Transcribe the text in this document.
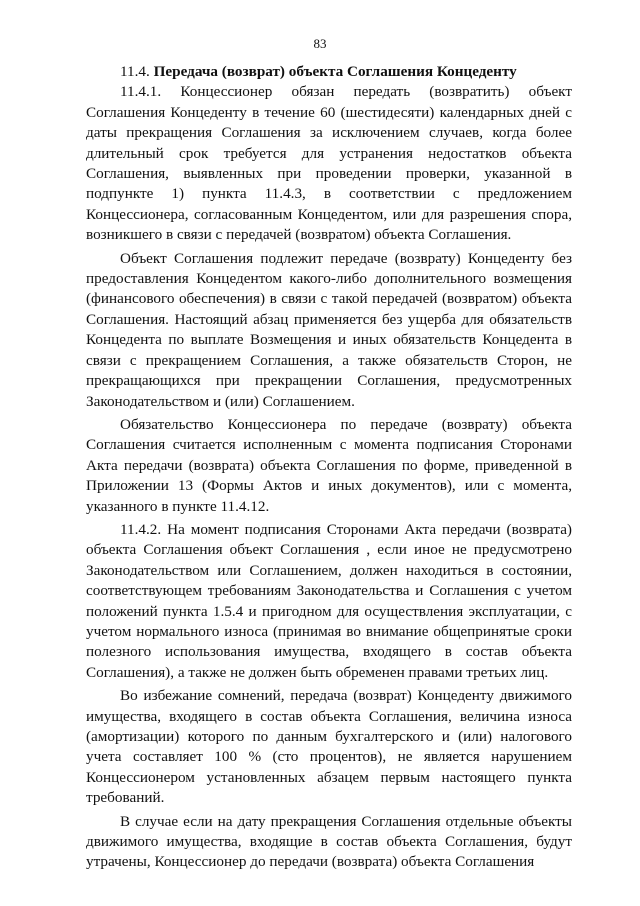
83

11.4. Передача (возврат) объекта Соглашения Концеденту

11.4.1. Концессионер обязан передать (возвратить) объект Соглашения Концеденту в течение 60 (шестидесяти) календарных дней с даты прекращения Соглашения за исключением случаев, когда более длительный срок требуется для устранения недостатков объекта Соглашения, выявленных при проведении проверки, указанной в подпункте 1) пункта 11.4.3, в соответствии с предложением Концессионера, согласованным Концедентом, или для разрешения спора, возникшего в связи с передачей (возвратом) объекта Соглашения.

Объект Соглашения подлежит передаче (возврату) Концеденту без предоставления Концедентом какого-либо дополнительного возмещения (финансового обеспечения) в связи с такой передачей (возвратом) объекта Соглашения. Настоящий абзац применяется без ущерба для обязательств Концедента по выплате Возмещения и иных обязательств Концедента в связи с прекращением Соглашения, а также обязательств Сторон, не прекращающихся при прекращении Соглашения, предусмотренных Законодательством и (или) Соглашением.

Обязательство Концессионера по передаче (возврату) объекта Соглашения считается исполненным с момента подписания Сторонами Акта передачи (возврата) объекта Соглашения по форме, приведенной в Приложении 13 (Формы Актов и иных документов), или с момента, указанного в пункте 11.4.12.

11.4.2. На момент подписания Сторонами Акта передачи (возврата) объекта Соглашения объект Соглашения , если иное не предусмотрено Законодательством или Соглашением, должен находиться в состоянии, соответствующем требованиям Законодательства и Соглашения с учетом положений пункта 1.5.4 и пригодном для осуществления эксплуатации, с учетом нормального износа (принимая во внимание общепринятые сроки полезного использования имущества, входящего в состав объекта Соглашения), а также не должен быть обременен правами третьих лиц.

Во избежание сомнений, передача (возврат) Концеденту движимого имущества, входящего в состав объекта Соглашения, величина износа (амортизации) которого по данным бухгалтерского и (или) налогового учета составляет 100 % (сто процентов), не является нарушением Концессионером установленных абзацем первым настоящего пункта требований.

В случае если на дату прекращения Соглашения отдельные объекты движимого имущества, входящие в состав объекта Соглашения, будут утрачены, Концессионер до передачи (возврата) объекта Соглашения
